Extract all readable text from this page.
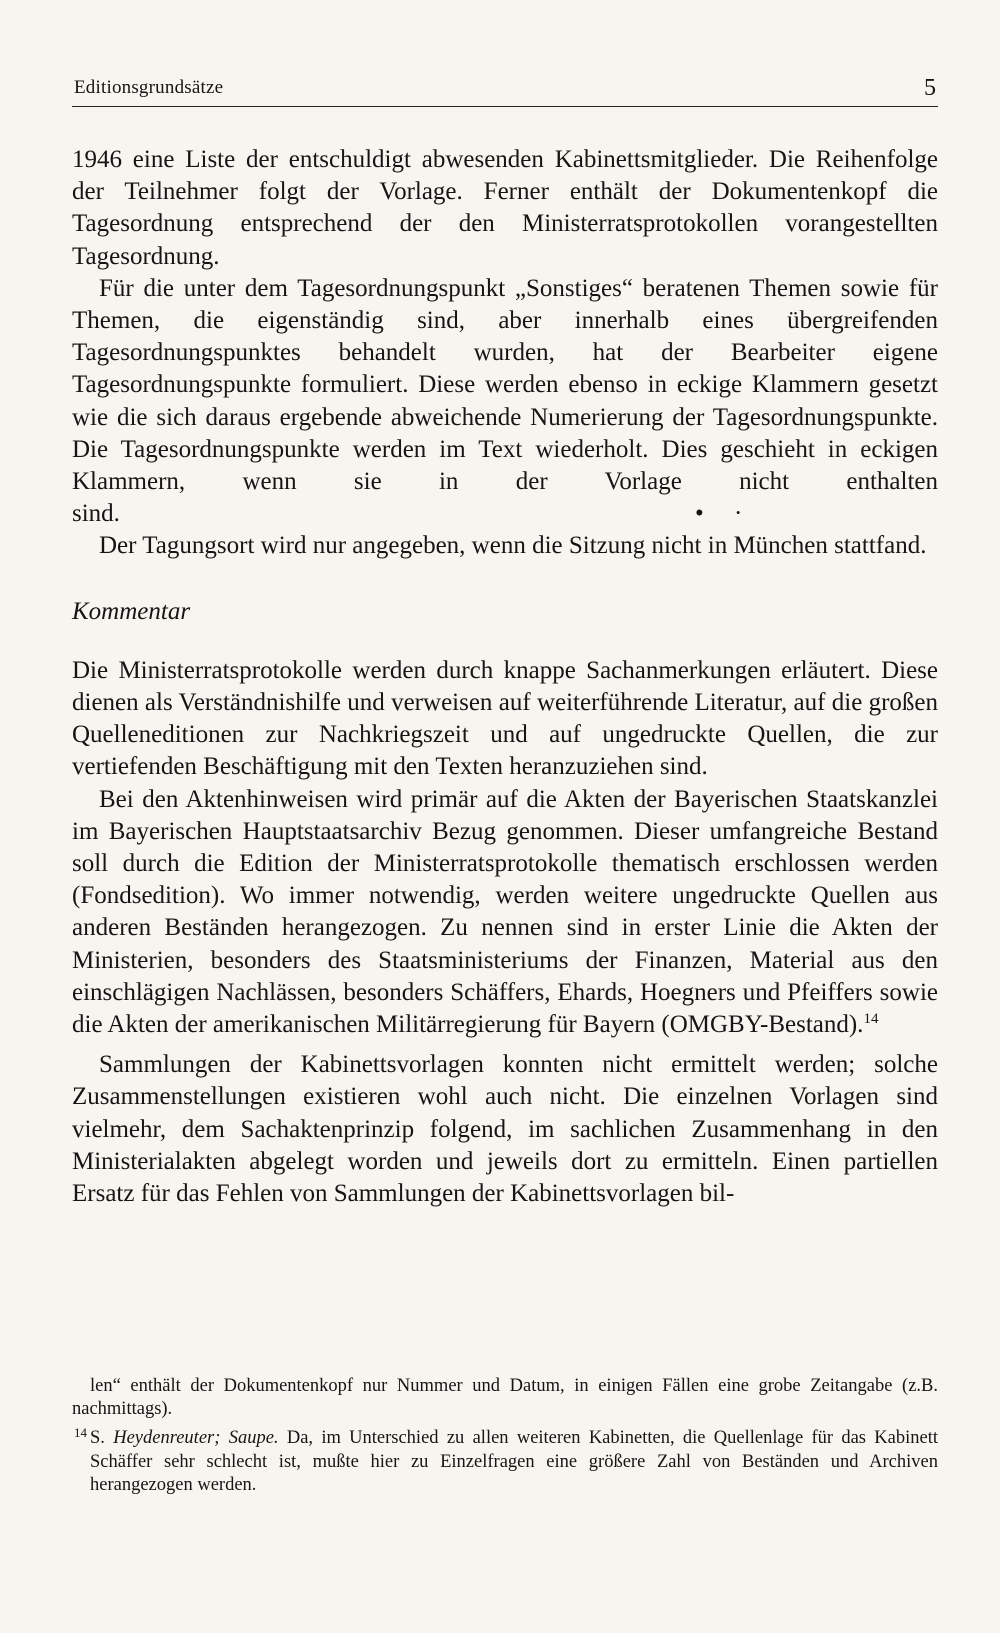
Editionsgrundsätze	5

1946 eine Liste der entschuldigt abwesenden Kabinettsmitglieder. Die Reihenfolge der Teilnehmer folgt der Vorlage. Ferner enthält der Dokumentenkopf die Tagesordnung entsprechend der den Ministerratsprotokollen vorangestellten Tagesordnung.

Für die unter dem Tagesordnungspunkt „Sonstiges“ beratenen Themen sowie für Themen, die eigenständig sind, aber innerhalb eines übergreifenden Tagesordnungspunktes behandelt wurden, hat der Bearbeiter eigene Tagesordnungspunkte formuliert. Diese werden ebenso in eckige Klammern gesetzt wie die sich daraus ergebende abweichende Numerierung der Tagesordnungspunkte. Die Tagesordnungspunkte werden im Text wiederholt. Dies geschieht in eckigen Klammern, wenn sie in der Vorlage nicht enthalten sind.	• ·

Der Tagungsort wird nur angegeben, wenn die Sitzung nicht in München stattfand.

Kommentar

Die Ministerratsprotokolle werden durch knappe Sachanmerkungen erläutert. Diese dienen als Verständnishilfe und verweisen auf weiterführende Literatur, auf die großen Quelleneditionen zur Nachkriegszeit und auf ungedruckte Quellen, die zur vertiefenden Beschäftigung mit den Texten heranzuziehen sind.

Bei den Aktenhinweisen wird primär auf die Akten der Bayerischen Staatskanzlei im Bayerischen Hauptstaatsarchiv Bezug genommen. Dieser umfangreiche Bestand soll durch die Edition der Ministerratsprotokolle thematisch erschlossen werden (Fondsedition). Wo immer notwendig, werden weitere ungedruckte Quellen aus anderen Beständen herangezogen. Zu nennen sind in erster Linie die Akten der Ministerien, besonders des Staatsministeriums der Finanzen, Material aus den einschlägigen Nachlässen, besonders Schäffers, Ehards, Hoegners und Pfeiffers sowie die Akten der amerikanischen Militärregierung für Bayern (OMGBY-Bestand).$^{14}$

Sammlungen der Kabinettsvorlagen konnten nicht ermittelt werden; solche Zusammenstellungen existieren wohl auch nicht. Die einzelnen Vorlagen sind vielmehr, dem Sachaktenprinzip folgend, im sachlichen Zusammenhang in den Ministerialakten abgelegt worden und jeweils dort zu ermitteln. Einen partiellen Ersatz für das Fehlen von Sammlungen der Kabinettsvorlagen bil-

len“ enthält der Dokumentenkopf nur Nummer und Datum, in einigen Fällen eine grobe Zeitangabe (z.B. nachmittags).

14 S. Heydenreuter; Saupe. Da, im Unterschied zu allen weiteren Kabinetten, die Quellenlage für das Kabinett Schäffer sehr schlecht ist, mußte hier zu Einzelfragen eine größere Zahl von Beständen und Archiven herangezogen werden.
